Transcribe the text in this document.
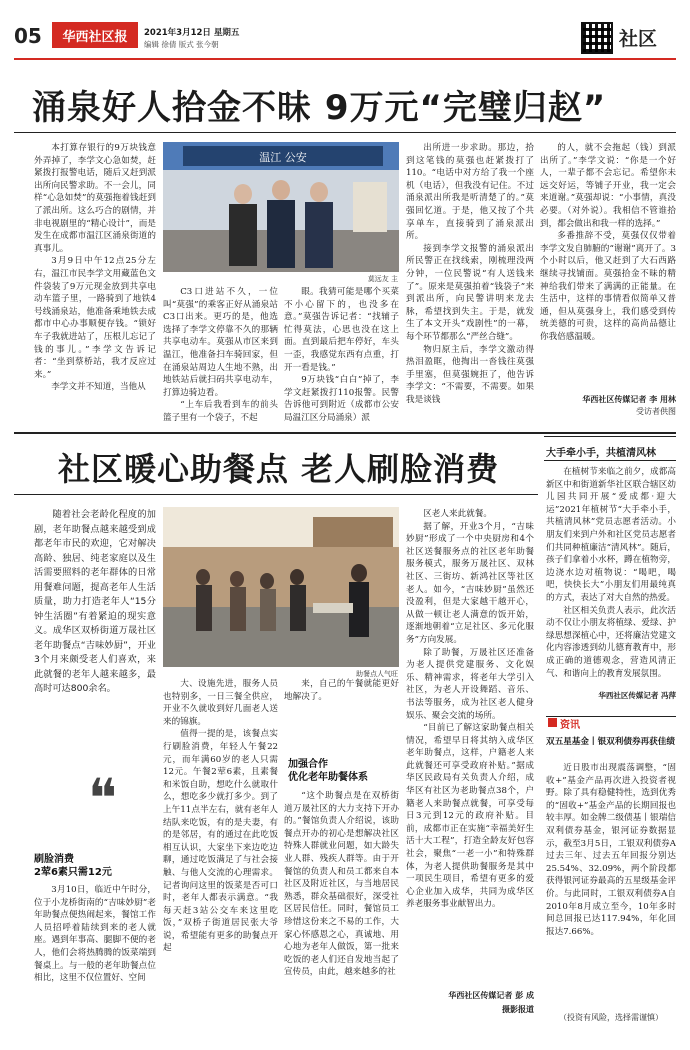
05	华西社区报	2021年3月12日 星期五
编辑 徐倩 版式 张今朝	社区
涌泉好人拾金不昧 9万元“完璧归赵”

本打算存银行的9万块钱意外弄掉了，李学文心急如焚，赶紧拨打报警电话，随后又赶到派出所向民警求助。不一会儿，同样“心急如焚”的莫强拖着钱赶到了派出所。这么巧合的剧情，并非电视剧里的“精心设计”，而是发生在成都市温江区涌泉街道的真事儿。

3月9日中午12点25分左右，温江市民李学文用藏蓝色文件袋装了9万元现金放到共享电动车篮子里，一路骑到了地铁4号线涌泉站，他准备乘地铁去成都市中心办事顺便存钱。“锁好车子我就进站了，压根儿忘记了钱的事儿。”李学文告诉记者：“坐到蔡桥站，我才反应过来。”

李学文并不知道，当他从

温江 公安
莫远友 主

C3口进站不久，一位叫“莫强”的乘客正好从涌泉站C3口出来。更巧的是，他选选择了李学文停靠不久的那辆共享电动车。莫强从市区来到温江，他准备扫车骑回家，但在涌泉站周边人生地不熟，出地铁站后就扫码共享电动车，打算边骑边看。

“上车后我看到车的前头篮子里有一个袋子，不起

眼。我猜可能是哪个买菜不小心留下的，也没多在意。”莫强告诉记者：“找辅子忙得莫法，心思也没在这上面。直到最后把车停好，车头一歪，我感觉东西有点重，打开一看是钱。”

9万块钱“白白”掉了，李学文赶紧拨打110报警。民警告诉他可到附近（成都市公安局温江区分局涌泉）派

出所进一步求助。那边，拾到这笔钱的莫强也赶紧拨打了110。“电话中对方给了我一个座机（电话），但我没有记住。不过涌泉派出所我是听清楚了的。”莫强回忆道。于是，他又按了个共享单车，直接骑到了涌泉派出所。

接到李学文报警的涌泉派出所民警正在找线索，刚梳理没两分钟，一位民警说“有人送钱来了”。原来是莫强拍着“钱袋子”来到派出所，向民警讲明来龙去脉，希望找到失主。于是，就发生了本文开头“戏剧性”的一幕，每个环节都那么“严丝合缝”。

物归原主后，李学文激动得热泪盈眶，他掏出一沓钱往莫强手里塞，但莫强婉拒了，他告诉李学文：“不需要，不需要。如果我是谈钱

的人，就不会拖起（钱）到派出所了。”李学文说：“你是一个好人，一辈子都不会忘记。希望你未远交好运，等铺子开业，我一定会来道谢。”莫强却说：“小事情，真没必要。（对外说）。我相信不管谁拾到，都会做出和我一样的选择。”

多番推辞不受，莫强仅仅带着李学文发自肺腑的“谢谢”离开了。3个小时以后，他又赶到了大石西路继续寻找铺面。莫强拾金不昧的精神给我们带来了满满的正能量。在生活中，这样的事情看似简单又普通，但从莫强身上，我们感受到传统美德的可贵，这样的高尚品德让你我倍感温暖。

华西社区传媒记者 李 用林
受访者供图
社区暖心助餐点 老人刷脸消费

随着社会老龄化程度的加剧，老年助餐点越来越受到成都老年市民的欢迎，它对解决高龄、独居、纯老家庭以及生活需要照料的老年群体的日常用餐难问题，提高老年人生活质量，助力打造老年人“15分钟生活圈”有着紧迫的现实意义。成华区双桥街道万晟社区老年助餐点“吉味妙厨”，开业3个月来颇受老人们喜欢，来此就餐的老年人越来越多，最高时可达800余名。

助餐点人气旺
❝

刷脸消费

2荤6素只需12元

3月10日，临近中午时分，位于小龙桥街南的“吉味妙厨”老年助餐点便热闹起来，餐馆工作人员招呼着陆续到来的老人就座。遇到年事高、腿脚不便的老人，他们会将热腾腾的饭菜端到餐桌上。与一般的老年助餐点位相比，这里不仅位置好、空间

大、设施先进，服务人员也特别多，一日三餐全供应，开业不久就收到好几面老人送来的锦旗。

值得一提的是，该餐点实行刷脸消费，年轻人午餐22元，而年满60岁的老人只需12元。午餐2荤6素，且素餐和米饭自助，想吃什么就取什么，想吃多少就打多少。到了上午11点半左右，就有老年人结队来吃饭，有的是夫妻，有的是邻居，有的通过在此吃饭相互认识，大家坐下来边吃边聊，通过吃饭满足了与社会接触、与他人交流的心理需求。记者询问这里的饭菜是否可口时，老年人都表示满意。“我每天赶3站公交车来这里吃饭，”双桥子街道居民张大爷说，希望能有更多的助餐点开起

来，自己的午餐就能更好地解决了。

加强合作

优化老年助餐体系

“这个助餐点是在双桥街道万晟社区的大力支持下开办的。”餐馆负责人介绍说，该助餐点开办的初心是想解决社区特殊人群就业问题，如大龄失业人群、残疾人群等。由于开餐馆的负责人和员工都来自本社区及附近社区，与当地居民熟悉，群众基础很好，深受社区居民信任。同时，餐馆员工珍惜这份来之不易的工作，大家心怀感恩之心，真诚地、用心地为老年人做饭，第一批来吃饭的老人们还自发地当起了宣传员，由此，越来越多的社

区老人来此就餐。

据了解，开业3个月，“吉味妙厨”形成了一个中央厨房和4个社区送餐服务点的社区老年助餐服务模式，服务万晟社区、双林社区、三街坊、新鸿社区等社区老人。如今，“吉味妙厨”虽然还没盈利，但是大家越干越开心，从做一顿让老人满意的饭开始，逐渐地朝着“立足社区、多元化服务”方向发展。

除了助餐，万晟社区还准备为老人提供党建服务、文化娱乐、精神需求，将老年大学引入社区，为老人开设舞蹈、音乐、书法等服务，成为社区老人健身娱乐、聚会交流的场所。

“目前已了解这家助餐点相关情况，希望早日将其纳入成华区老年助餐点，这样，户籍老人来此就餐还可享受政府补贴。”据成华区民政局有关负责人介绍，成华区有社区为老助餐点38个，户籍老人来助餐点就餐，可享受每日3元到12元的政府补贴。目前，成都市正在实施“幸福美好生活十大工程”，打造全龄友好包容社会，聚焦“一老一小”和特殊群体，为老人提供助餐服务是其中一项民生项目，希望有更多的爱心企业加入成华，共同为成华区养老服务事业献智出力。

华西社区传媒记者 彭 成
摄影报道
大手牵小手，共植清风林

在植树节来临之前夕，成都高新区中和街道新华社区联合辖区幼儿园共同开展“爱成都·迎大运”2021年植树节“大手牵小手，共植清风林”党员志愿者活动。小朋友们来到户外和社区党员志愿者们共同种植廉洁“清风林”。随后，孩子们拿着小水杯，蹲在植物旁，边浇水边对植物说：“喝吧，喝吧，快快长大”小朋友们用最纯真的方式，表达了对大自然的热爱。

社区相关负责人表示，此次活动不仅让小朋友将植绿、爱绿、护绿思想深植心中，还将廉洁党建文化内容渗透到幼儿德育教育中，形成正确的道德观念，营造风清正气、和谐向上的教育发展氛围。

华西社区传媒记者 冯萍
资讯
双五星基金丨银双利债券再获佳绩

近日股市出现震荡调整，“固收+”基金产品再次进入投资者视野。除了具有稳健特性，选到优秀的“固收+”基金产品的长期回报也较丰厚。如金牌二级债基丨银瑞信双利债券基金，银河证券数据显示，截至3月5日，工银双利债券A过去三年、过去五年回报分别达25.54%、32.09%，两个阶段都获得银河证券最高的五星级基金评价。与此同时，工银双利债券A自2010年8月成立至今，10年多时间总回报已达117.94%，年化回报达7.66%。

（投资有风险，选择需谨慎）
